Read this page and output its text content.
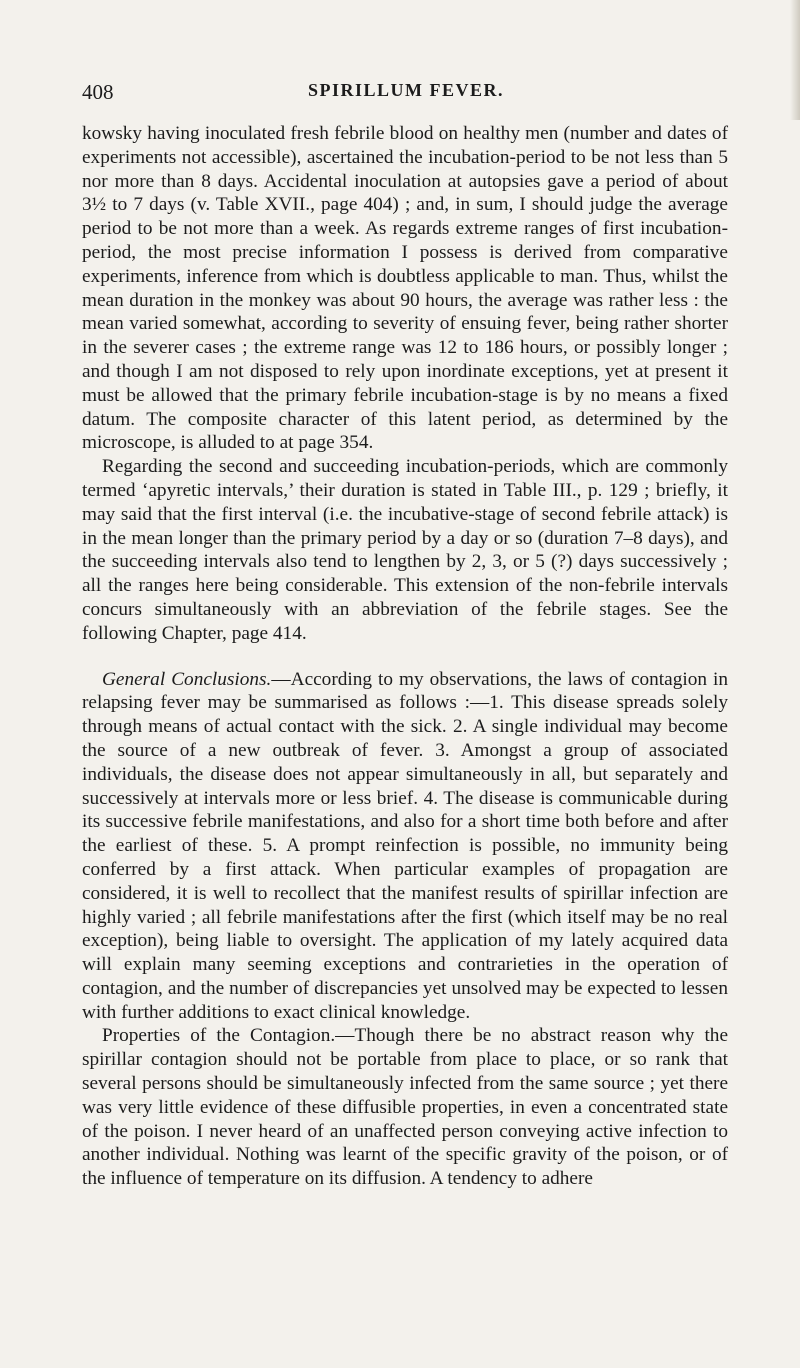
408	SPIRILLUM FEVER.

kowsky having inoculated fresh febrile blood on healthy men (number and dates of experiments not accessible), ascertained the incubation-period to be not less than 5 nor more than 8 days. Accidental inoculation at autopsies gave a period of about 3½ to 7 days (v. Table XVII., page 404) ; and, in sum, I should judge the average period to be not more than a week. As regards extreme ranges of first incubation-period, the most precise information I possess is derived from comparative experiments, inference from which is doubtless applicable to man. Thus, whilst the mean duration in the monkey was about 90 hours, the average was rather less : the mean varied somewhat, according to severity of ensuing fever, being rather shorter in the severer cases ; the extreme range was 12 to 186 hours, or possibly longer ; and though I am not disposed to rely upon inordinate exceptions, yet at present it must be allowed that the primary febrile incubation-stage is by no means a fixed datum. The composite character of this latent period, as determined by the microscope, is alluded to at page 354.

Regarding the second and succeeding incubation-periods, which are commonly termed ‘apyretic intervals,’ their duration is stated in Table III., p. 129 ; briefly, it may said that the first interval (i.e. the incubative-stage of second febrile attack) is in the mean longer than the primary period by a day or so (duration 7–8 days), and the succeeding intervals also tend to lengthen by 2, 3, or 5 (?) days successively ; all the ranges here being considerable. This extension of the non-febrile intervals concurs simultaneously with an abbreviation of the febrile stages. See the following Chapter, page 414.

General Conclusions.—According to my observations, the laws of contagion in relapsing fever may be summarised as follows :—1. This disease spreads solely through means of actual contact with the sick. 2. A single individual may become the source of a new outbreak of fever. 3. Amongst a group of associated individuals, the disease does not appear simultaneously in all, but separately and successively at intervals more or less brief. 4. The disease is communicable during its successive febrile manifestations, and also for a short time both before and after the earliest of these. 5. A prompt reinfection is possible, no immunity being conferred by a first attack. When particular examples of propagation are considered, it is well to recollect that the manifest results of spirillar infection are highly varied ; all febrile manifestations after the first (which itself may be no real exception), being liable to oversight. The application of my lately acquired data will explain many seeming exceptions and contrarieties in the operation of contagion, and the number of discrepancies yet unsolved may be expected to lessen with further additions to exact clinical knowledge.

Properties of the Contagion.—Though there be no abstract reason why the spirillar contagion should not be portable from place to place, or so rank that several persons should be simultaneously infected from the same source ; yet there was very little evidence of these diffusible properties, in even a concentrated state of the poison. I never heard of an unaffected person conveying active infection to another individual. Nothing was learnt of the specific gravity of the poison, or of the influence of temperature on its diffusion. A tendency to adhere
